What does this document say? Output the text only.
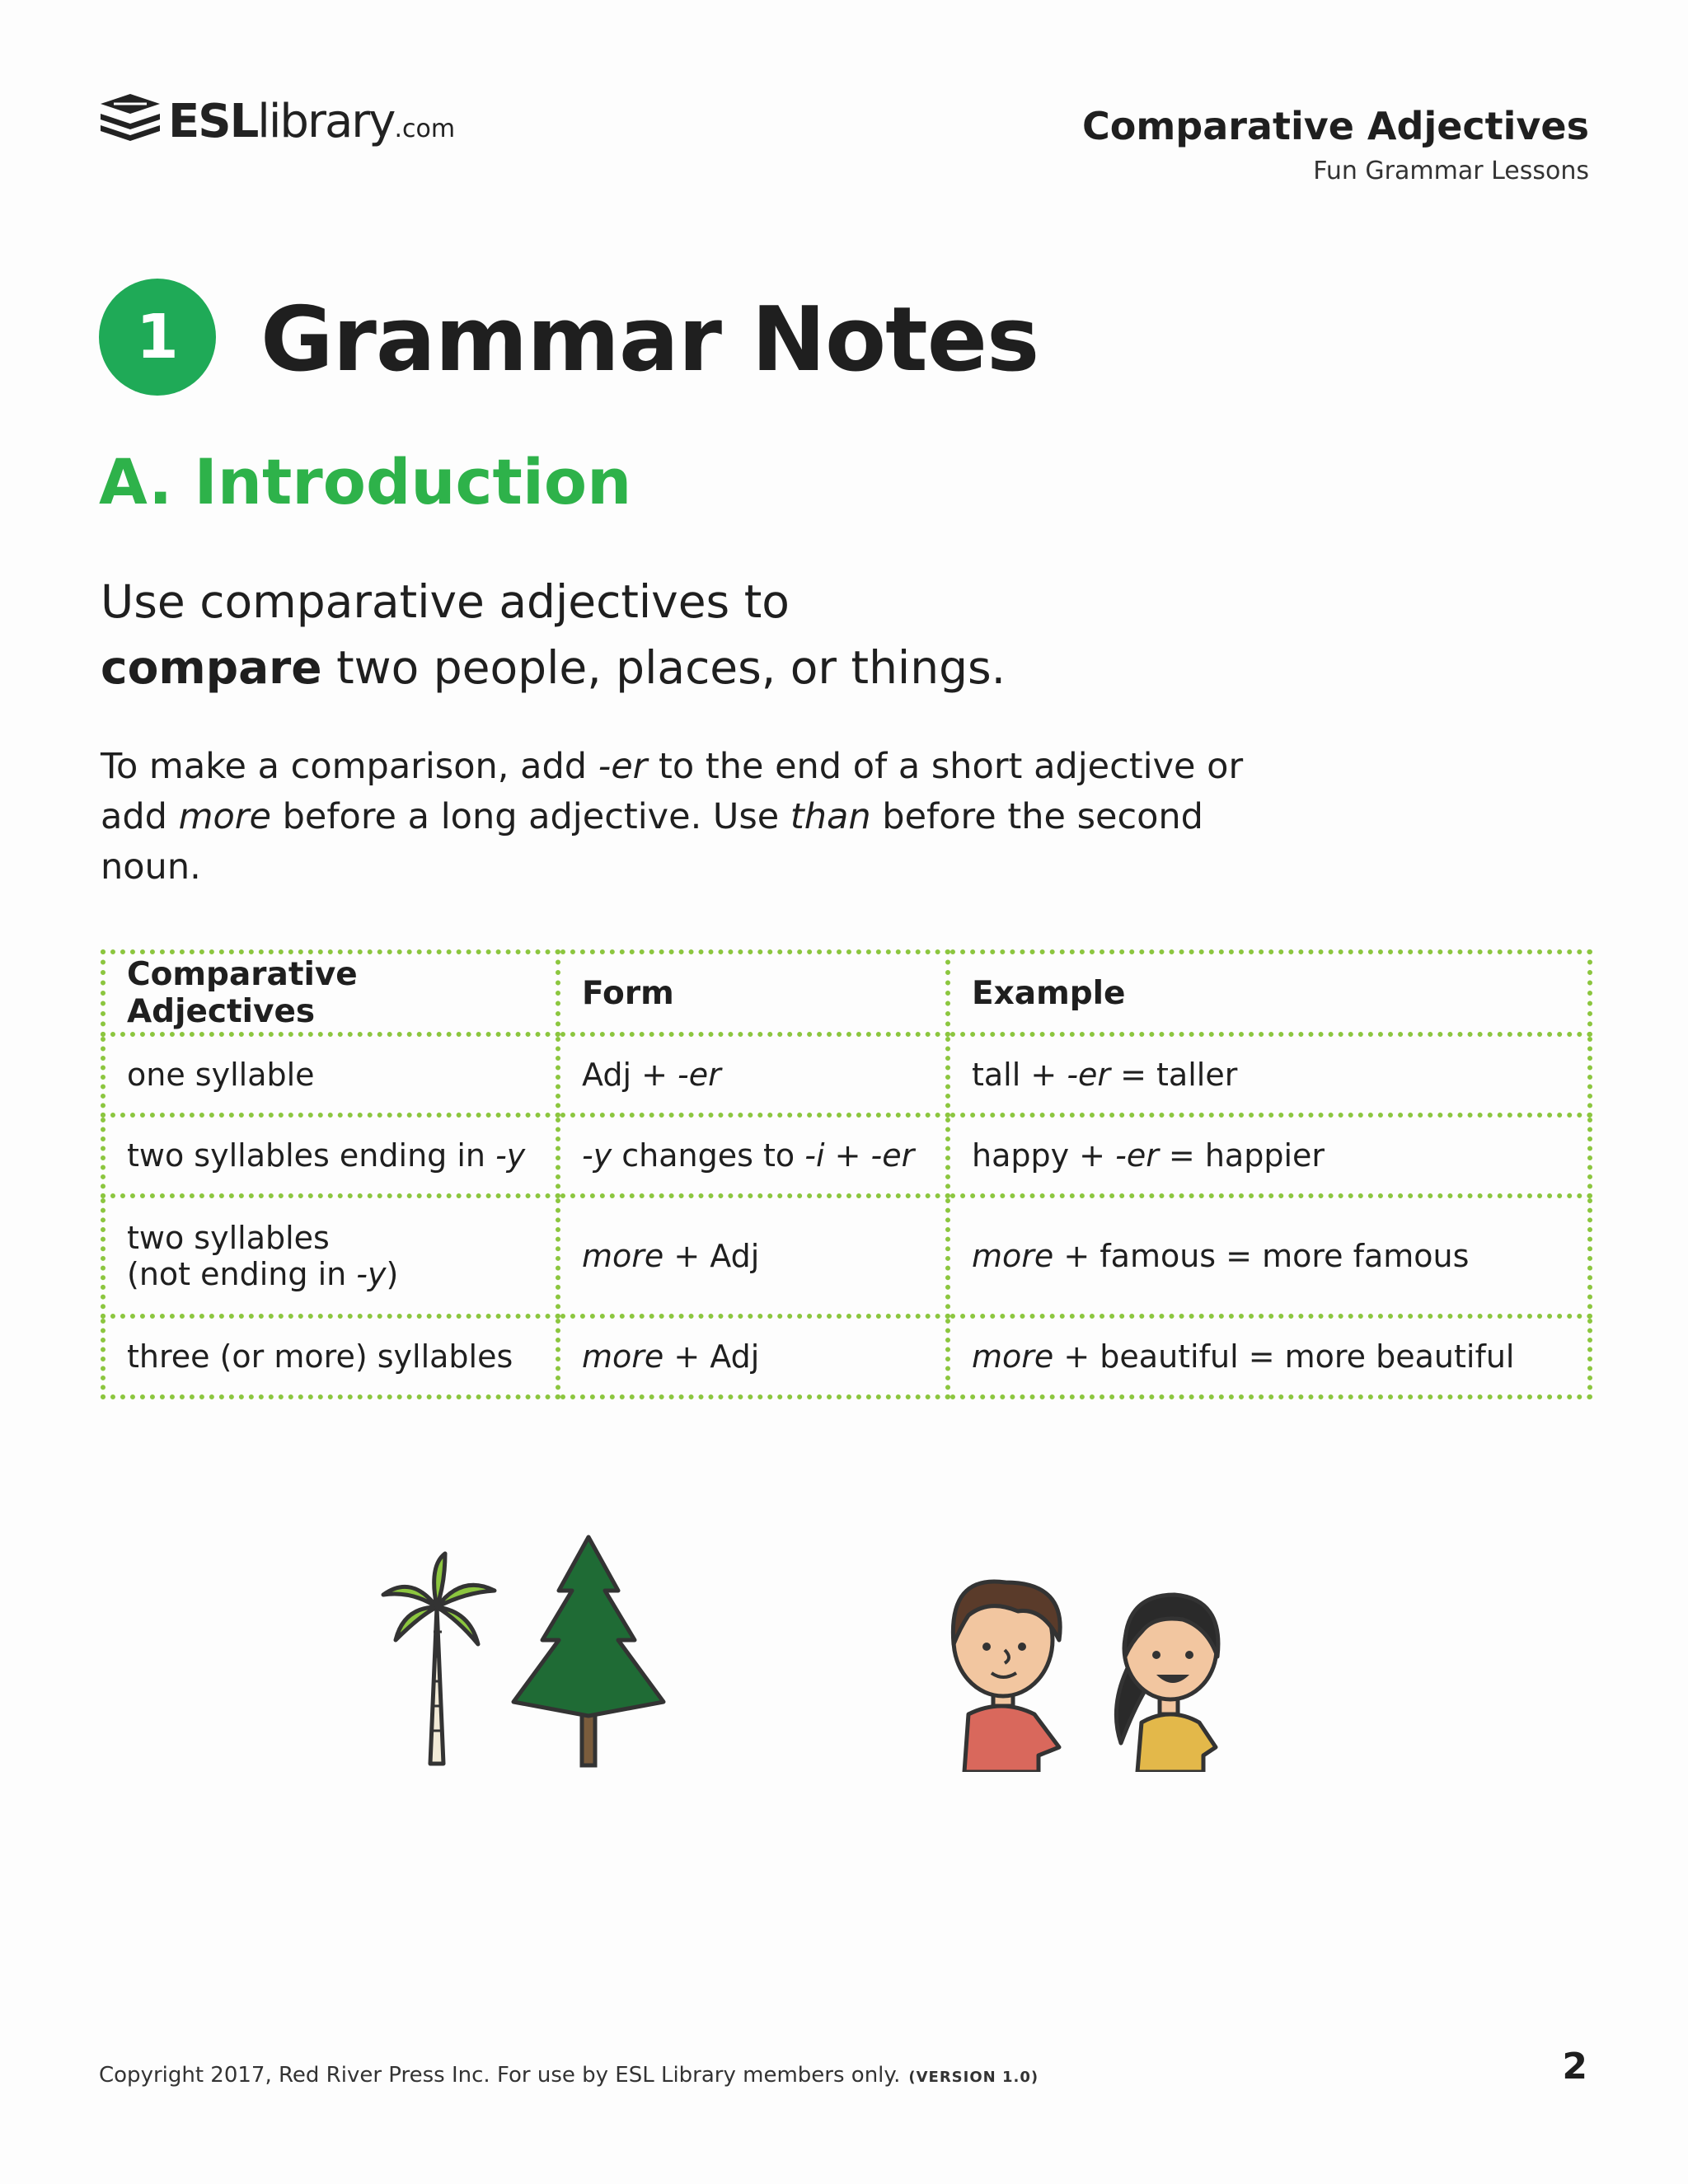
ESLlibrary.com	Comparative Adjectives
Fun Grammar Lessons
1 Grammar Notes
A. Introduction
Use comparative adjectives to
compare two people, places, or things.
To make a comparison, add -er to the end of a short adjective or add more before a long adjective. Use than before the second noun.
Comparative Adjectives	Form	Example
one syllable	Adj + -er	tall + -er = taller
two syllables ending in -y	-y changes to -i + -er	happy + -er = happier
two syllables
(not ending in -y)	more + Adj	more + famous = more famous
three (or more) syllables	more + Adj	more + beautiful = more beautiful
Copyright 2017, Red River Press Inc. For use by ESL Library members only. (VERSION 1.0)	2
